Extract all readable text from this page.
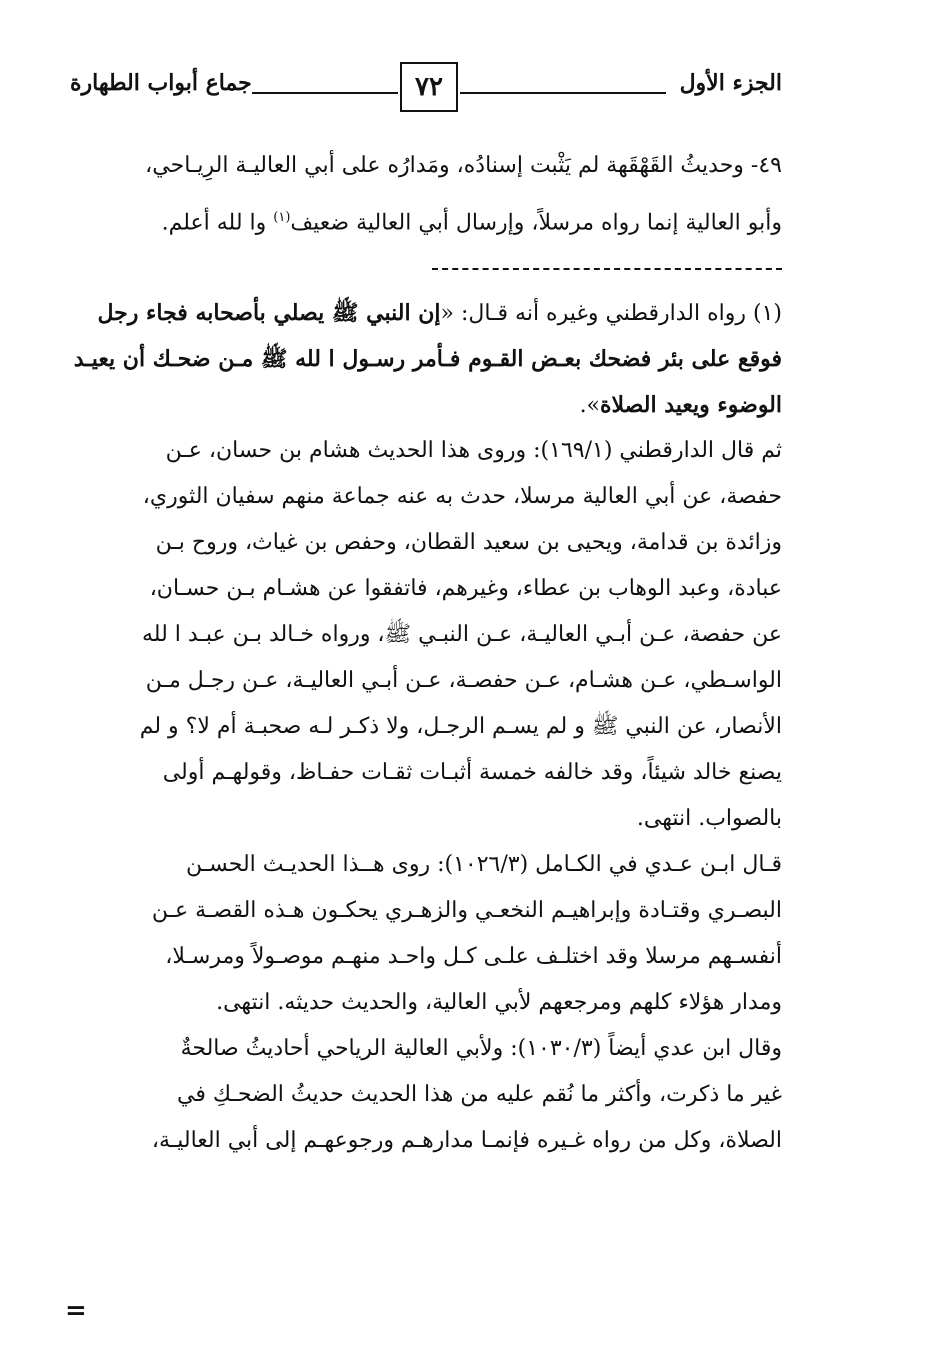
الجزء الأول
٧٢
جماع أبواب الطهارة
٤٩- وحديثُ القَهْقَهة لم يَثْبت إسنادُه، ومَدارُه على أبي العاليـة الرِيـاحي،
وأبو العالية إنما رواه مرسلاً، وإرسال أبي العالية ضعيف$^{(١)}$ وا لله أعلم.
(١) رواه الدارقطني وغيره أنه قـال: «إن النبي ﷺ يصلي بأصحابه فجاء رجل
فوقع على بئر فضحك بعـض القـوم فـأمر رسـول ا لله ﷺ مـن ضحـك أن يعيـد
الوضوء ويعيد الصلاة».
ثم قال الدارقطني (١٦٩/١): وروى هذا الحديث هشام بن حسان، عـن
حفصة، عن أبي العالية مرسلا، حدث به عنه جماعة منهم سفيان الثوري،
وزائدة بن قدامة، ويحيى بن سعيد القطان، وحفص بن غياث، وروح بـن
عبادة، وعبد الوهاب بن عطاء، وغيرهم، فاتفقوا عن هشـام بـن حسـان،
عن حفصة، عـن أبـي العاليـة، عـن النبـي ﷺ، ورواه خـالد بـن عبـد ا لله
الواسـطي، عـن هشـام، عـن حفصـة، عـن أبـي العاليـة، عـن رجـل مـن
الأنصار، عن النبي ﷺ و لم يسـم الرجـل، ولا ذكـر لـه صحبـة أم لا؟ و لم
يصنع خالد شيئاً، وقد خالفه خمسة أثبـات ثقـات حفـاظ، وقولهـم أولى
بالصواب. انتهى.
قـال ابـن عـدي في الكـامل (١٠٢٦/٣): روى هــذا الحديـث الحسـن
البصـري وقتـادة وإبراهيـم النخعـي والزهـري يحكـون هـذه القصـة عـن
أنفسـهم مرسلا وقد اختلـف علـى كـل واحـد منهـم موصـولاً ومرسـلا،
ومدار هؤلاء كلهم ومرجعهم لأبي العالية، والحديث حديثه. انتهى.
وقال ابن عدي أيضاً (١٠٣٠/٣): ولأبي العالية الرياحي أحاديثُ صالحةٌ
غير ما ذكرت، وأكثر ما نُقم عليه من هذا الحديث حديثُ الضحـكِ في
الصلاة، وكل من رواه غـيره فإنمـا مدارهـم ورجوعهـم إلى أبي العاليـة،
=
